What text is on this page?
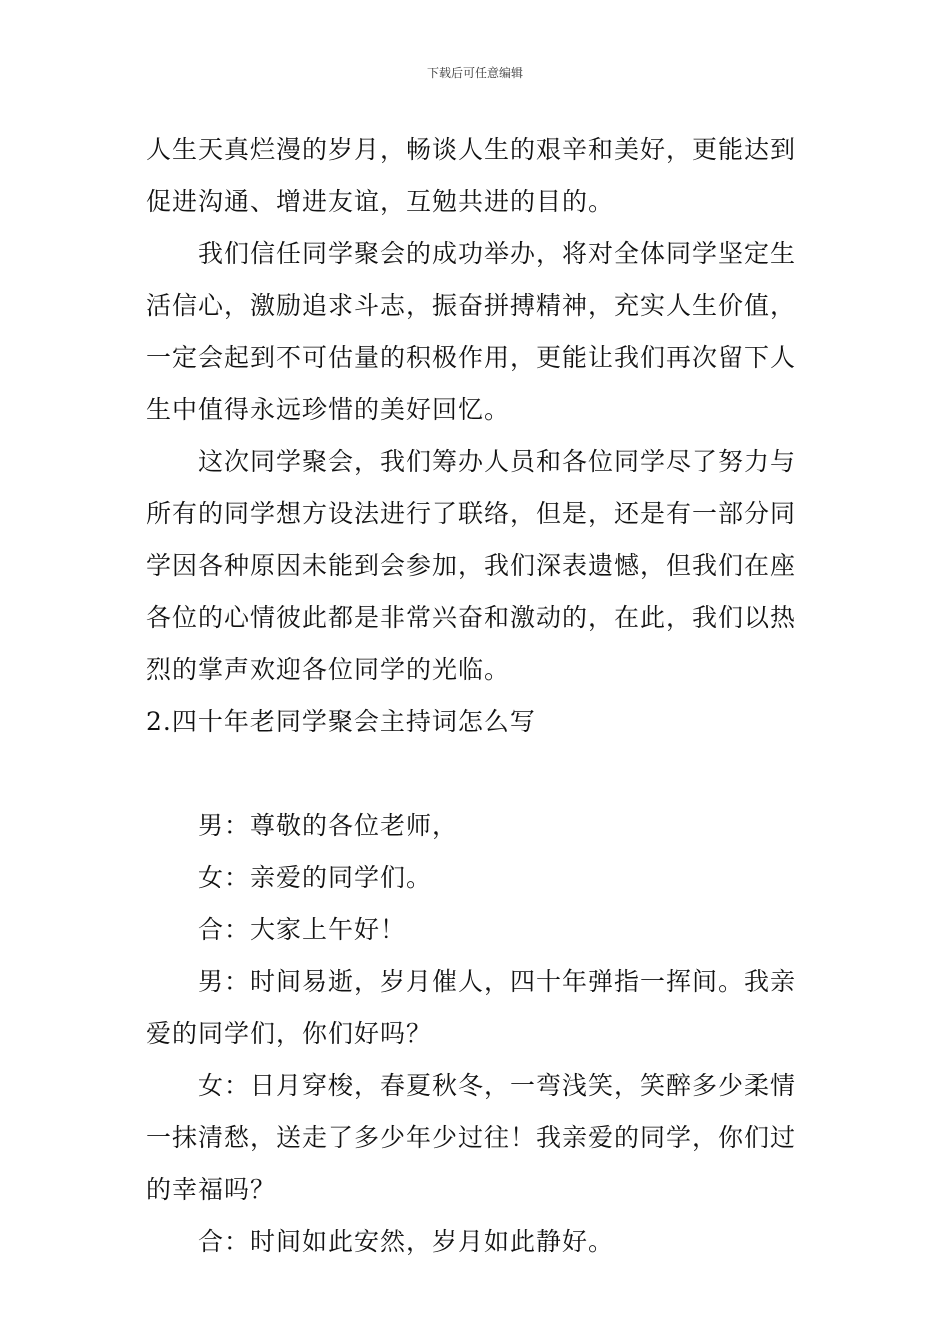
下载后可任意编辑
人生天真烂漫的岁月，畅谈人生的艰辛和美好，更能达到
促进沟通、增进友谊，互勉共进的目的。
我们信任同学聚会的成功举办，将对全体同学坚定生
活信心，激励追求斗志，振奋拼搏精神，充实人生价值，
一定会起到不可估量的积极作用，更能让我们再次留下人
生中值得永远珍惜的美好回忆。
这次同学聚会，我们筹办人员和各位同学尽了努力与
所有的同学想方设法进行了联络，但是，还是有一部分同
学因各种原因未能到会参加，我们深表遗憾，但我们在座
各位的心情彼此都是非常兴奋和激动的，在此，我们以热
烈的掌声欢迎各位同学的光临。
2.四十年老同学聚会主持词怎么写
男：尊敬的各位老师，
女：亲爱的同学们。
合：大家上午好！
男：时间易逝，岁月催人，四十年弹指一挥间。我亲
爱的同学们，你们好吗？
女：日月穿梭，春夏秋冬，一弯浅笑，笑醉多少柔情
一抹清愁，送走了多少年少过往！我亲爱的同学，你们过
的幸福吗？
合：时间如此安然，岁月如此静好。
